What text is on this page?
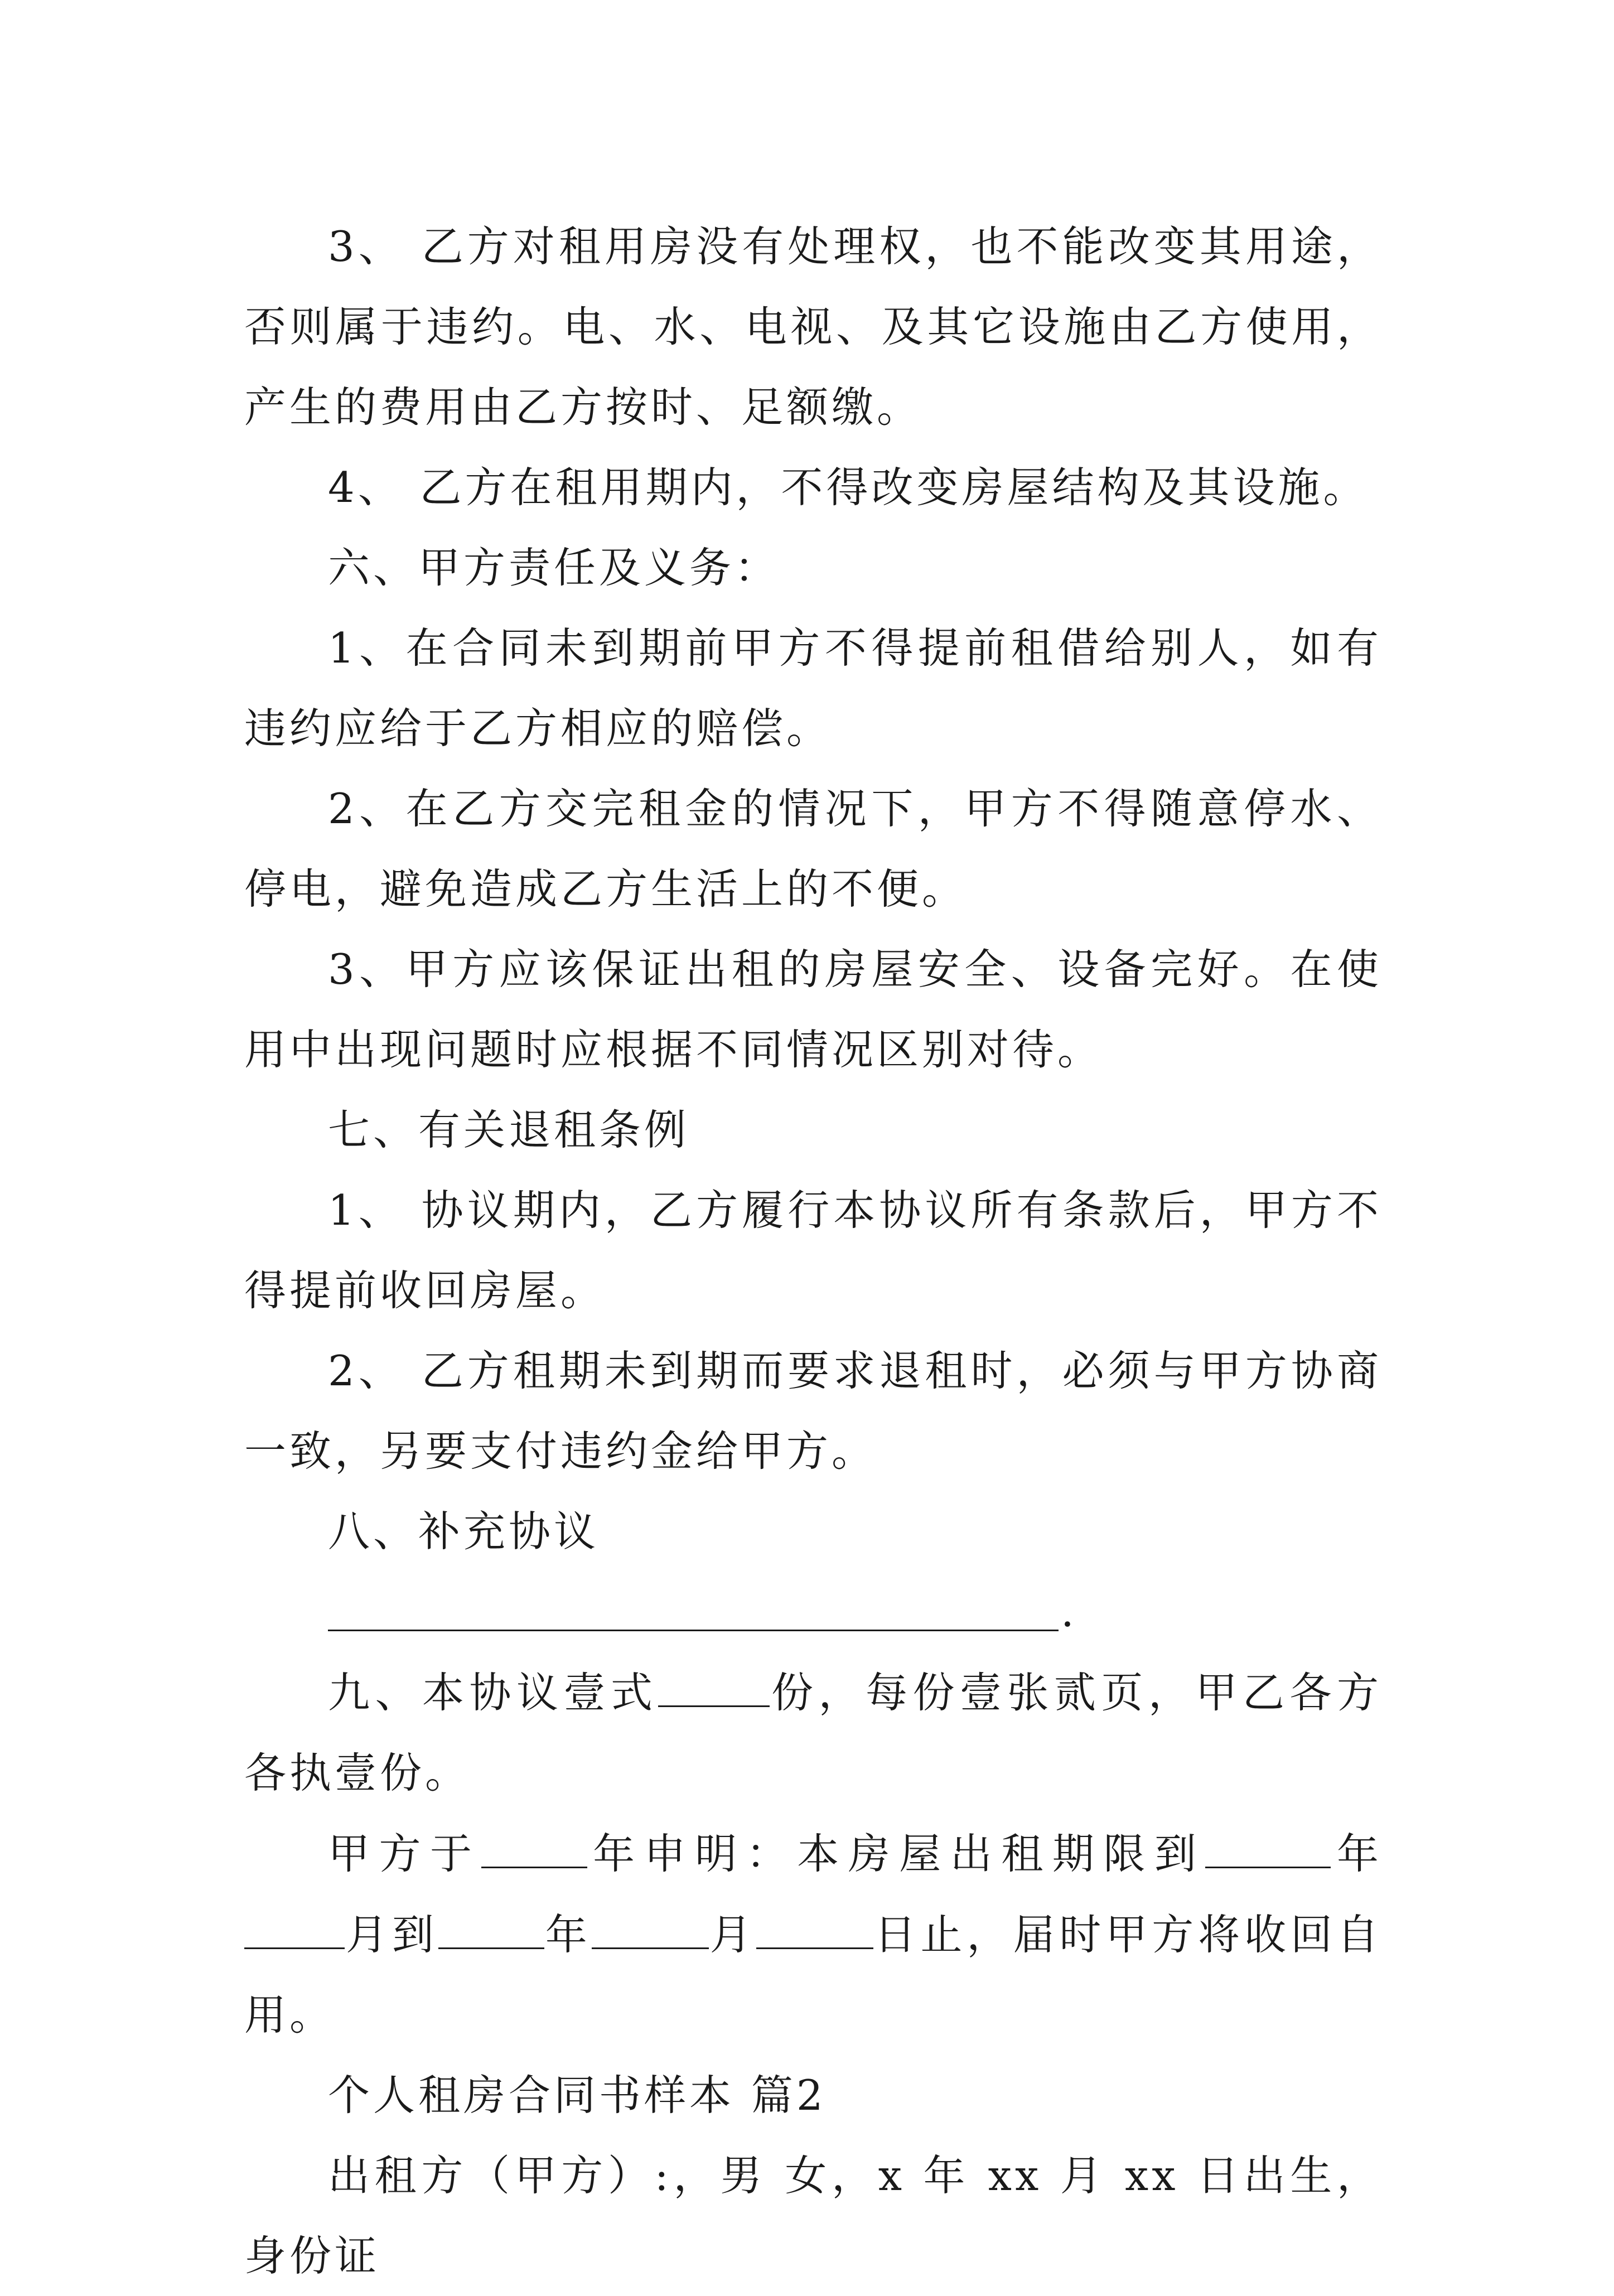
3、 乙方对租用房没有处理权，也不能改变其用途，否则属于违约。电、水、电视、及其它设施由乙方使用，产生的费用由乙方按时、足额缴。

4、 乙方在租用期内，不得改变房屋结构及其设施。

六、甲方责任及义务：

1、在合同未到期前甲方不得提前租借给别人，如有违约应给于乙方相应的赔偿。

2、在乙方交完租金的情况下，甲方不得随意停水、停电，避免造成乙方生活上的不便。

3、甲方应该保证出租的房屋安全、设备完好。在使用中出现问题时应根据不同情况区别对待。

七、有关退租条例

1、 协议期内，乙方履行本协议所有条款后，甲方不得提前收回房屋。

2、 乙方租期未到期而要求退租时，必须与甲方协商一致，另要支付违约金给甲方。

八、补充协议

.

九、本协议壹式	份，每份壹张贰页，甲乙各方各执壹份。

甲方于	年申明：本房屋出租期限到	年月到	年	月	日止，届时甲方将收回自用。

个人租房合同书样本 篇2

出租方（甲方）:，男 女，x 年 xx 月 xx 日出生，身份证
